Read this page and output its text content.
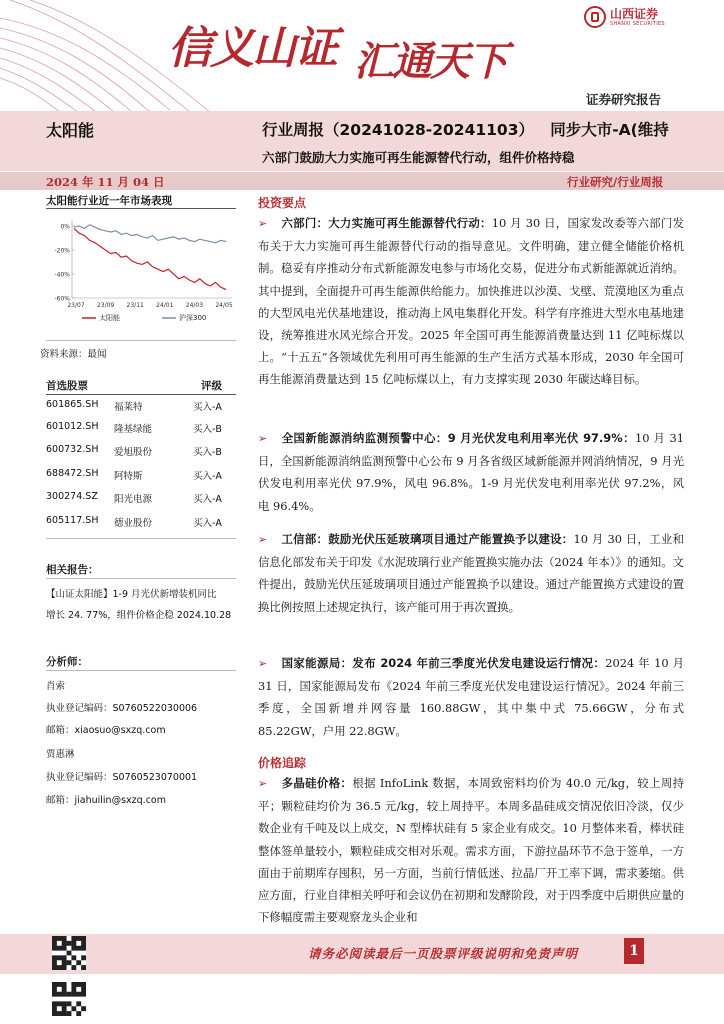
信义山证 汇通天下
山西证券
SHANXI SECURITIES
证券研究报告
太阳能	行业周报（20241028-20241103） 同步大市-A(维持
六部门鼓励大力实施可再生能源替代行动，组件价格持稳
2024 年 11 月 04 日	行业研究/行业周报
太阳能行业近一年市场表现
0%
-20%
-40%
-60%
23/07 23/09 23/11 24/01 24/03 24/05
太阳能	沪深300
资料来源：最闻
首选股票	评级
601865.SH 福莱特	买入-A
601012.SH 隆基绿能	买入-B
600732.SH 爱旭股份	买入-B
688472.SH 阿特斯	买入-A
300274.SZ 阳光电源	买入-A
605117.SH 德业股份	买入-A
相关报告：
【山证太阳能】1-9 月光伏新增装机同比
增长 24. 77%，组件价格企稳 2024.10.28
分析师：
肖索
执业登记编码：S0760522030006
邮箱：xiaosuo@sxzq.com
贾惠淋
执业登记编码：S0760523070001
邮箱：jiahuilin@sxzq.com
投资要点
➢ 六部门：大力实施可再生能源替代行动：10 月 30 日，国家发改委等六部门发布关于大力实施可再生能源替代行动的指导意见。文件明确，建立健全储能价格机制。稳妥有序推动分布式新能源发电参与市场化交易，促进分布式新能源就近消纳。其中提到，全面提升可再生能源供给能力。加快推进以沙漠、戈壁、荒漠地区为重点的大型风电光伏基地建设，推动海上风电集群化开发。科学有序推进大型水电基地建设，统筹推进水风光综合开发。2025 年全国可再生能源消费量达到 11 亿吨标煤以上。“十五五”各领域优先利用可再生能源的生产生活方式基本形成，2030 年全国可再生能源消费量达到 15 亿吨标煤以上，有力支撑实现 2030 年碳达峰目标。
➢ 全国新能源消纳监测预警中心：9 月光伏发电利用率光伏 97.9%：10 月 31 日，全国新能源消纳监测预警中心公布 9 月各省级区域新能源并网消纳情况，9 月光伏发电利用率光伏 97.9%，风电 96.8%。1-9 月光伏发电利用率光伏 97.2%，风电 96.4%。
➢ 工信部：鼓励光伏压延玻璃项目通过产能置换予以建设：10 月 30 日，工业和信息化部发布关于印发《水泥玻璃行业产能置换实施办法（2024 年本）》的通知。文件提出，鼓励光伏压延玻璃项目通过产能置换予以建设。通过产能置换方式建设的置换比例按照上述规定执行，该产能可用于再次置换。
➢ 国家能源局：发布 2024 年前三季度光伏发电建设运行情况：2024 年 10 月 31 日，国家能源局发布《2024 年前三季度光伏发电建设运行情况》。2024 年前三季度，全国新增并网容量 160.88GW，其中集中式 75.66GW，分布式 85.22GW，户用 22.8GW。
价格追踪
➢ 多晶硅价格：根据 InfoLink 数据，本周致密料均价为 40.0 元/kg，较上周持平；颗粒硅均价为 36.5 元/kg，较上周持平。本周多晶硅成交情况依旧冷淡，仅少数企业有千吨及以上成交，N 型棒状硅有 5 家企业有成交。10 月整体来看，棒状硅整体签单量较小，颗粒硅成交相对乐观。需求方面，下游拉晶环节不急于签单，一方面由于前期库存囤积，另一方面，当前行情低迷、拉晶厂开工率下调，需求萎缩。供应方面，行业自律相关呼吁和会议仍在初期和发酵阶段，对于四季度中后期供应量的下修幅度需主要观察龙头企业和
请务必阅读最后一页股票评级说明和免责声明	1
